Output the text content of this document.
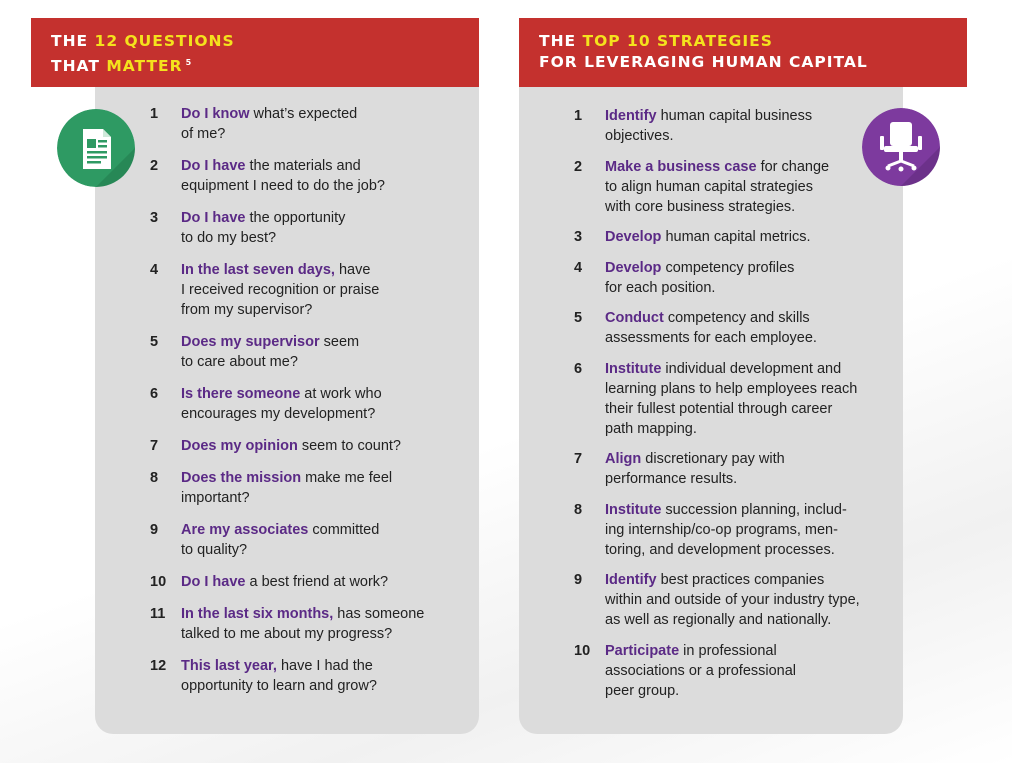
THE 12 QUESTIONS
THAT MATTER $^5$
1 Do I know what’s expected
of me?
2 Do I have the materials and
equipment I need to do the job?
3 Do I have the opportunity
to do my best?
4 In the last seven days, have
I received recognition or praise
from my supervisor?
5 Does my supervisor seem
to care about me?
6 Is there someone at work who
encourages my development?
7 Does my opinion seem to count?
8 Does the mission make me feel
important?
9 Are my associates committed
to quality?
10 Do I have a best friend at work?
11 In the last six months, has someone
talked to me about my progress?
12 This last year, have I had the
opportunity to learn and grow?
THE TOP 10 STRATEGIES
FOR LEVERAGING HUMAN CAPITAL
1 Identify human capital business
objectives.
2 Make a business case for change
to align human capital strategies
with core business strategies.
3 Develop human capital metrics.
4 Develop competency profiles
for each position.
5 Conduct competency and skills
assessments for each employee.
6 Institute individual development and
learning plans to help employees reach
their fullest potential through career
path mapping.
7 Align discretionary pay with
performance results.
8 Institute succession planning, includ-
ing internship/co-op programs, men-
toring, and development processes.
9 Identify best practices companies
within and outside of your industry type,
as well as regionally and nationally.
10 Participate in professional
associations or a professional
peer group.
